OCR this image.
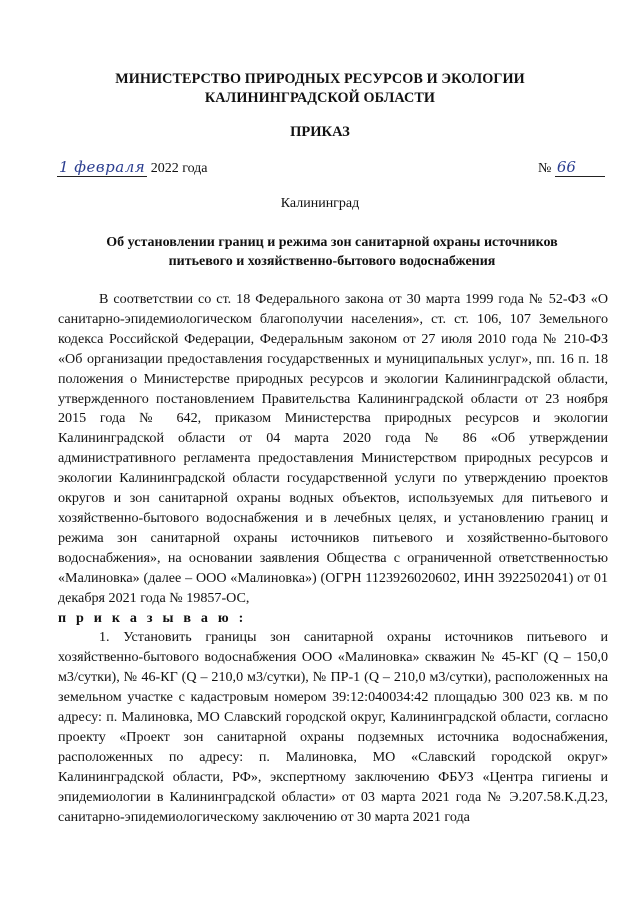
МИНИСТЕРСТВО ПРИРОДНЫХ РЕСУРСОВ И ЭКОЛОГИИ
КАЛИНИНГРАДСКОЙ ОБЛАСТИ
ПРИКАЗ
1 февраля 2022 года	№ 66
Калининград
Об установлении границ и режима зон санитарной охраны источников
питьевого и хозяйственно-бытового водоснабжения

В соответствии со ст. 18 Федерального закона от 30 марта 1999 года № 52-ФЗ «О санитарно-эпидемиологическом благополучии населения», ст. ст. 106, 107 Земельного кодекса Российской Федерации, Федеральным законом от 27 июля 2010 года № 210-ФЗ «Об организации предоставления государственных и муниципальных услуг», пп. 16 п. 18 положения о Министерстве природных ресурсов и экологии Калининградской области, утвержденного постановлением Правительства Калининградской области от 23 ноября 2015 года № 642, приказом Министерства природных ресурсов и экологии Калининградской области от 04 марта 2020 года № 86 «Об утверждении административного регламента предоставления Министерством природных ресурсов и экологии Калининградской области государственной услуги по утверждению проектов округов и зон санитарной охраны водных объектов, используемых для питьевого и хозяйственно-бытового водоснабжения и в лечебных целях, и установлению границ и режима зон санитарной охраны источников питьевого и хозяйственно-бытового водоснабжения», на основании заявления Общества с ограниченной ответственностью «Малиновка» (далее – ООО «Малиновка») (ОГРН 1123926020602, ИНН 3922502041) от 01 декабря 2021 года № 19857-ОС,

п р и к а з ы в а ю :

1. Установить границы зон санитарной охраны источников питьевого и хозяйственно-бытового водоснабжения ООО «Малиновка» скважин № 45-КГ (Q – 150,0 м3/сутки), № 46-КГ (Q – 210,0 м3/сутки), № ПР-1 (Q – 210,0 м3/сутки), расположенных на земельном участке с кадастровым номером 39:12:040034:42 площадью 300 023 кв. м по адресу: п. Малиновка, МО Славский городской округ, Калининградской области, согласно проекту «Проект зон санитарной охраны подземных источника водоснабжения, расположенных по адресу: п. Малиновка, МО «Славский городской округ» Калининградской области, РФ», экспертному заключению ФБУЗ «Центра гигиены и эпидемиологии в Калининградской области» от 03 марта 2021 года № Э.207.58.К.Д.23, санитарно-эпидемиологическому заключению от 30 марта 2021 года
